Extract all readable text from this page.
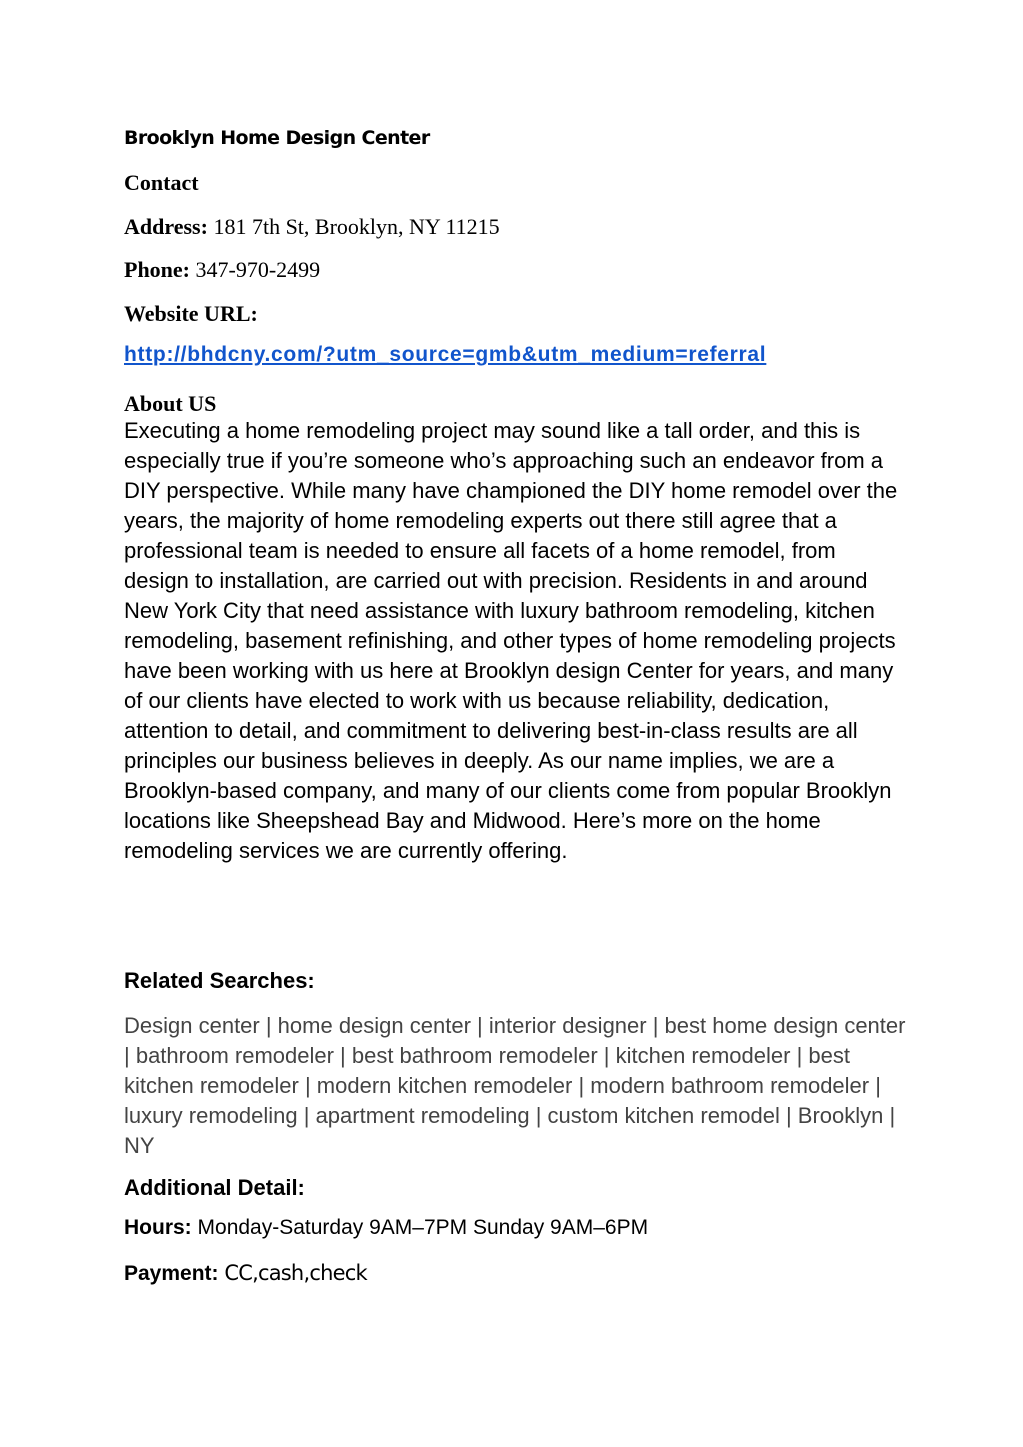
Brooklyn Home Design Center
Contact
Address: 181 7th St, Brooklyn, NY 11215
Phone: 347-970-2499
Website URL:
http://bhdcny.com/?utm_source=gmb&utm_medium=referral
About US
Executing a home remodeling project may sound like a tall order, and this is especially true if you’re someone who’s approaching such an endeavor from a DIY perspective. While many have championed the DIY home remodel over the years, the majority of home remodeling experts out there still agree that a professional team is needed to ensure all facets of a home remodel, from design to installation, are carried out with precision. Residents in and around New York City that need assistance with luxury bathroom remodeling, kitchen remodeling, basement refinishing, and other types of home remodeling projects have been working with us here at Brooklyn design Center for years, and many of our clients have elected to work with us because reliability, dedication, attention to detail, and commitment to delivering best-in-class results are all principles our business believes in deeply. As our name implies, we are a Brooklyn-based company, and many of our clients come from popular Brooklyn locations like Sheepshead Bay and Midwood. Here’s more on the home remodeling services we are currently offering.
Related Searches:
Design center | home design center | interior designer | best home design center | bathroom remodeler | best bathroom remodeler | kitchen remodeler | best kitchen remodeler | modern kitchen remodeler | modern bathroom remodeler | luxury remodeling | apartment remodeling | custom kitchen remodel | Brooklyn | NY
Additional Detail:
Hours: Monday-Saturday 9AM–7PM Sunday 9AM–6PM
Payment: CC,cash,check
